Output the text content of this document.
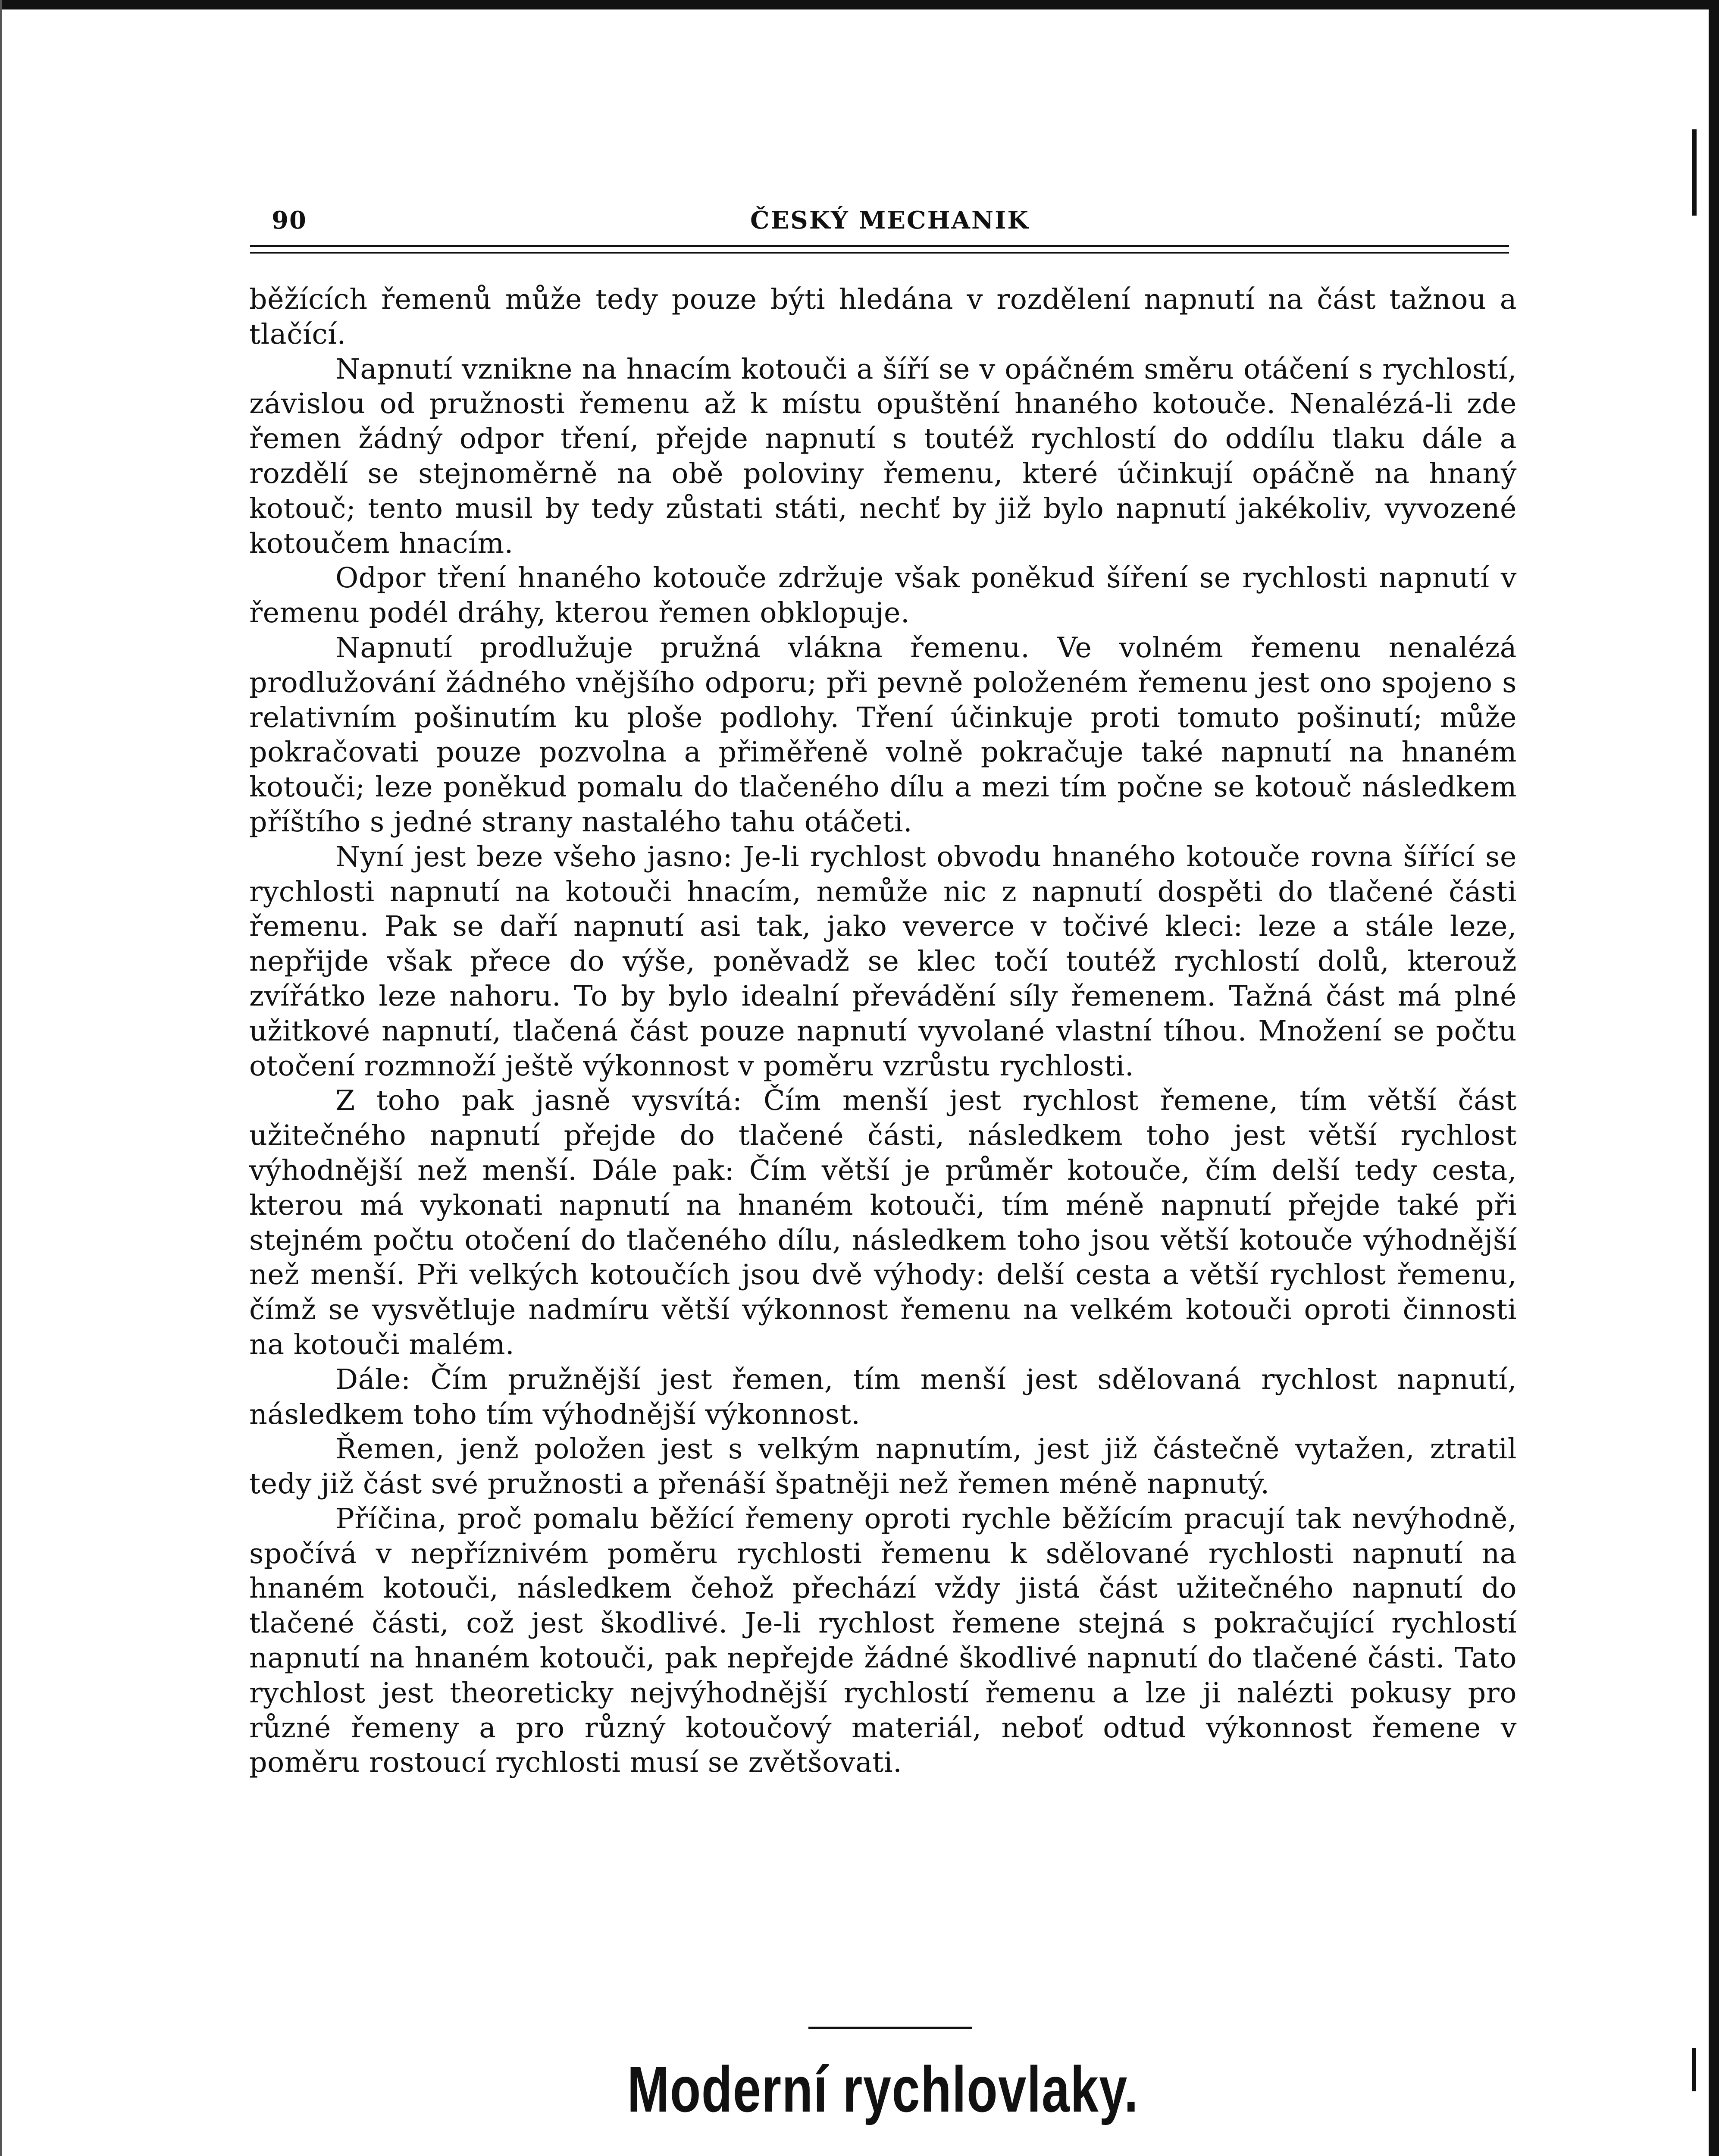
90	ČESKÝ MECHANIK

běžících řemenů může tedy pouze býti hledána v rozdělení napnutí na část tažnou a tlačící.

Napnutí vznikne na hnacím kotouči a šíří se v opáčném směru otáčení s rychlostí, závislou od pružnosti řemenu až k místu opuštění hnaného kotouče. Nenalézá-li zde řemen žádný odpor tření, přejde napnutí s toutéž rychlostí do oddílu tlaku dále a rozdělí se stejnoměrně na obě poloviny řemenu, které účinkují opáčně na hnaný kotouč; tento musil by tedy zůstati státi, nechť by již bylo napnutí jakékoliv, vyvozené kotoučem hnacím.

Odpor tření hnaného kotouče zdržuje však poněkud šíření se rychlosti napnutí v řemenu podél dráhy, kterou řemen obklopuje.

Napnutí prodlužuje pružná vlákna řemenu. Ve volném řemenu nenalézá prodlužování žádného vnějšího odporu; při pevně položeném řemenu jest ono spojeno s relativním pošinutím ku ploše podlohy. Tření účinkuje proti tomuto pošinutí; může pokračovati pouze pozvolna a přiměřeně volně pokračuje také napnutí na hnaném kotouči; leze poněkud pomalu do tlačeného dílu a mezi tím počne se kotouč následkem příštího s jedné strany nastalého tahu otáčeti.

Nyní jest beze všeho jasno: Je-li rychlost obvodu hnaného kotouče rovna šířící se rychlosti napnutí na kotouči hnacím, nemůže nic z napnutí dospěti do tlačené části řemenu. Pak se daří napnutí asi tak, jako veverce v točivé kleci: leze a stále leze, nepřijde však přece do výše, poněvadž se klec točí toutéž rychlostí dolů, kterouž zvířátko leze nahoru. To by bylo idealní převádění síly řemenem. Tažná část má plné užitkové napnutí, tlačená část pouze napnutí vyvolané vlastní tíhou. Množení se počtu otočení rozmnoží ještě výkonnost v poměru vzrůstu rychlosti.

Z toho pak jasně vysvítá: Čím menší jest rychlost řemene, tím větší část užitečného napnutí přejde do tlačené části, následkem toho jest větší rychlost výhodnější než menší. Dále pak: Čím větší je průměr kotouče, čím delší tedy cesta, kterou má vykonati napnutí na hnaném kotouči, tím méně napnutí přejde také při stejném počtu otočení do tlačeného dílu, následkem toho jsou větší kotouče výhodnější než menší. Při velkých kotoučích jsou dvě výhody: delší cesta a větší rychlost řemenu, čímž se vysvětluje nadmíru větší výkonnost řemenu na velkém kotouči oproti činnosti na kotouči malém.

Dále: Čím pružnější jest řemen, tím menší jest sdělovaná rychlost napnutí, následkem toho tím výhodnější výkonnost.

Řemen, jenž položen jest s velkým napnutím, jest již částečně vytažen, ztratil tedy již část své pružnosti a přenáší špatněji než řemen méně napnutý.

Příčina, proč pomalu běžící řemeny oproti rychle běžícím pracují tak nevýhodně, spočívá v nepříznivém poměru rychlosti řemenu k sdělované rychlosti napnutí na hnaném kotouči, následkem čehož přechází vždy jistá část užitečného napnutí do tlačené části, což jest škodlivé. Je-li rychlost řemene stejná s pokračující rychlostí napnutí na hnaném kotouči, pak nepřejde žádné škodlivé napnutí do tlačené části. Tato rychlost jest theoreticky nejvýhodnější rychlostí řemenu a lze ji nalézti pokusy pro různé řemeny a pro různý kotoučový materiál, neboť odtud výkonnost řemene v poměru rostoucí rychlosti musí se zvětšovati.

Moderní rychlovlaky.
